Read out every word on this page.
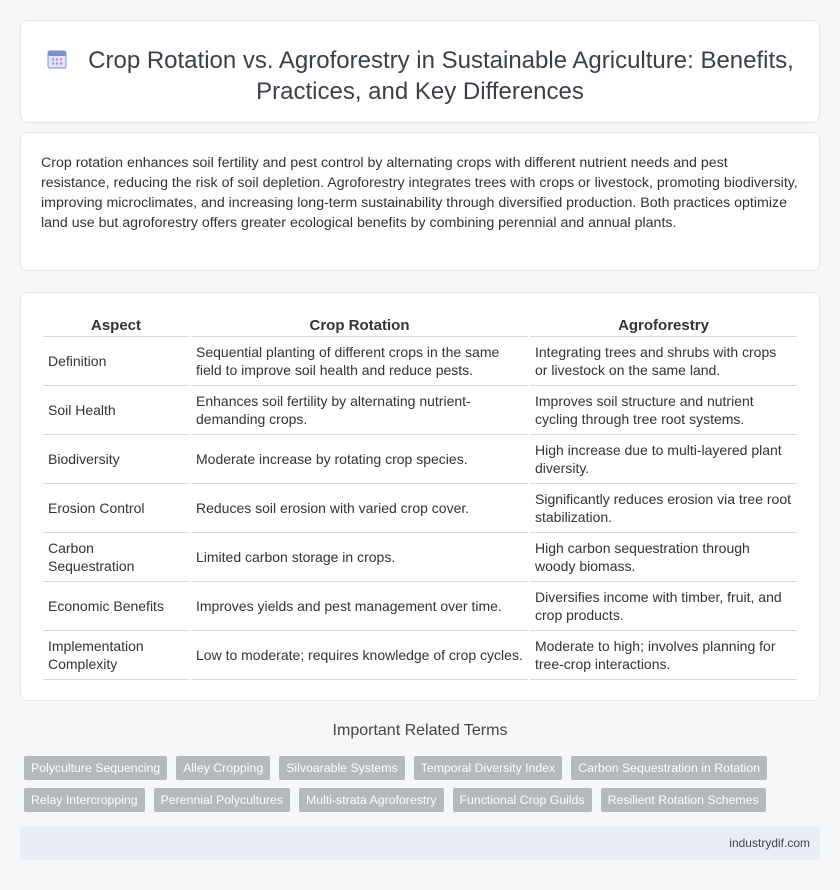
Crop Rotation vs. Agroforestry in Sustainable Agriculture: Benefits, Practices, and Key Differences

Crop rotation enhances soil fertility and pest control by alternating crops with different nutrient needs and pest resistance, reducing the risk of soil depletion. Agroforestry integrates trees with crops or livestock, promoting biodiversity, improving microclimates, and increasing long-term sustainability through diversified production. Both practices optimize land use but agroforestry offers greater ecological benefits by combining perennial and annual plants.

Aspect	Crop Rotation	Agroforestry
Definition	Sequential planting of different crops in the same field to improve soil health and reduce pests.	Integrating trees and shrubs with crops or livestock on the same land.
Soil Health	Enhances soil fertility by alternating nutrient-demanding crops.	Improves soil structure and nutrient cycling through tree root systems.
Biodiversity	Moderate increase by rotating crop species.	High increase due to multi-layered plant diversity.
Erosion Control	Reduces soil erosion with varied crop cover.	Significantly reduces erosion via tree root stabilization.
Carbon Sequestration	Limited carbon storage in crops.	High carbon sequestration through woody biomass.
Economic Benefits	Improves yields and pest management over time.	Diversifies income with timber, fruit, and crop products.
Implementation Complexity	Low to moderate; requires knowledge of crop cycles.	Moderate to high; involves planning for tree-crop interactions.
Important Related Terms
Polyculture Sequencing	Alley Cropping	Silvoarable Systems	Temporal Diversity Index	Carbon Sequestration in Rotation
Relay Intercropping	Perennial Polycultures	Multi-strata Agroforestry	Functional Crop Guilds	Resilient Rotation Schemes
industrydif.com
